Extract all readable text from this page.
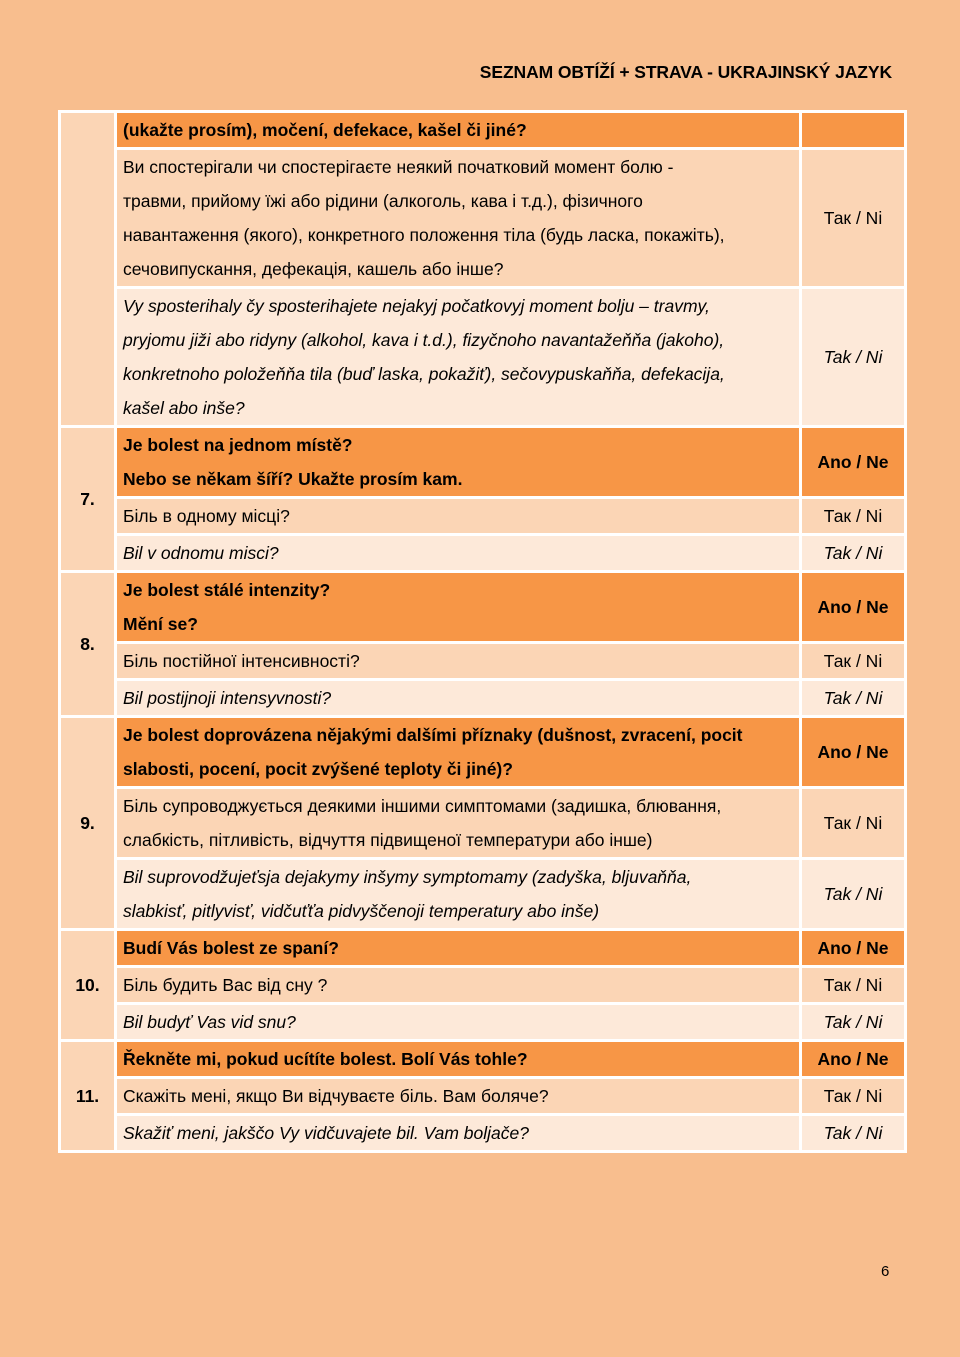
SEZNAM OBTÍŽÍ + STRAVA - UKRAJINSKÝ JAZYK

	(ukažte prosím), močení, defekace, kašel či jiné?	

	Ви спостерігали чи спостерігаєте неякий початковий момент болю -
травми, прийому їжі або рідини (алкоголь, кава і т.д.), фізичного
навантаження (якого), конкретного положення тіла (будь ласка, покажіть),
сечовипускання, дефекація, кашель або інше?	Так / Ni

	Vy sposterihaly čy sposterihajete nejakyj počatkovyj moment bolju – travmy,
pryjomu jiži abo ridyny (alkohol, kava i t.d.), fizyčnoho navantažeňňa (jakoho),
konkretnoho položeňňa tila (buď laska, pokažiť), sečovypuskaňňa, defekacija,
kašel abo inše?	Tak / Ni
7.	Je bolest na jednom místě?
Nebo se někam šíří? Ukažte prosím kam.	Ano / Ne

	Біль в одному місці?	Так / Ni

	Bil v odnomu misci?	Tak / Ni
8.	Je bolest stálé intenzity?
Mění se?	Ano / Ne

	Біль постійної інтенсивності?	Так / Ni

	Bil postijnoji intensyvnosti?	Tak / Ni
9.	Je bolest doprovázena nějakými dalšími příznaky (dušnost, zvracení, pocit
slabosti, pocení, pocit zvýšené teploty či jiné)?	Ano / Ne

	Біль супроводжується деякими іншими симптомами (задишка, блювання,
слабкість, пітливість, відчуття підвищеної температури або інше)	Так / Ni

	Bil suprovodžujeťsja dejakymy inšymy symptomamy (zadyška, bljuvaňňa,
slabkisť, pitlyvisť, vidčuťťa pidvyščenoji temperatury abo inše)	Tak / Ni
10.	Budí Vás bolest ze spaní?	Ano / Ne

	Біль будить Вас від сну ?	Так / Ni

	Bil budyť Vas vid snu?	Tak / Ni
11.	Řekněte mi, pokud ucítíte bolest. Bolí Vás tohle?	Ano / Ne

	Скажіть мені, якщо Ви відчуваєте біль. Вам боляче?	Так / Ni

	Skažiť meni, jakščo Vy vidčuvajete bil. Vam boljače?	Tak / Ni
6
